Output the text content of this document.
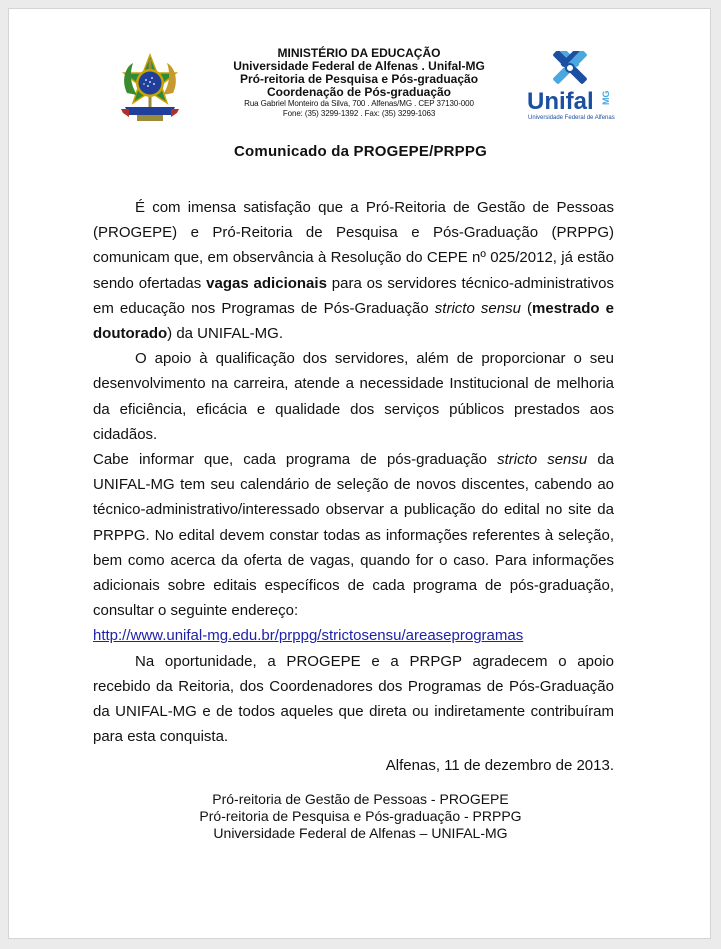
MINISTÉRIO DA EDUCAÇÃO
Universidade Federal de Alfenas . Unifal-MG
Pró-reitoria de Pesquisa e Pós-graduação
Coordenação de Pós-graduação
Rua Gabriel Monteiro da Silva, 700 . Alfenas/MG . CEP 37130-000
Fone: (35) 3299-1392 . Fax: (35) 3299-1063	Unifal MG
Universidade Federal de Alfenas
Comunicado da PROGEPE/PRPPG

É com imensa satisfação que a Pró-Reitoria de Gestão de Pessoas (PROGEPE) e Pró-Reitoria de Pesquisa e Pós-Graduação (PRPPG) comunicam que, em observância à Resolução do CEPE nº 025/2012, já estão sendo ofertadas vagas adicionais para os servidores técnico-administrativos em educação nos Programas de Pós-Graduação stricto sensu (mestrado e doutorado) da UNIFAL-MG.

O apoio à qualificação dos servidores, além de proporcionar o seu desenvolvimento na carreira, atende a necessidade Institucional de melhoria da eficiência, eficácia e qualidade dos serviços públicos prestados aos cidadãos.

Cabe informar que, cada programa de pós-graduação stricto sensu da UNIFAL-MG tem seu calendário de seleção de novos discentes, cabendo ao técnico-administrativo/interessado observar a publicação do edital no site da PRPPG. No edital devem constar todas as informações referentes à seleção, bem como acerca da oferta de vagas, quando for o caso. Para informações adicionais sobre editais específicos de cada programa de pós-graduação, consultar o seguinte endereço:

http://www.unifal-mg.edu.br/prppg/strictosensu/areaseprogramas

Na oportunidade, a PROGEPE e a PRPGP agradecem o apoio recebido da Reitoria, dos Coordenadores dos Programas de Pós-Graduação da UNIFAL-MG e de todos aqueles que direta ou indiretamente contribuíram para esta conquista.

Alfenas, 11 de dezembro de 2013.

Pró-reitoria de Gestão de Pessoas - PROGEPE
Pró-reitoria de Pesquisa e Pós-graduação - PRPPG
Universidade Federal de Alfenas – UNIFAL-MG
